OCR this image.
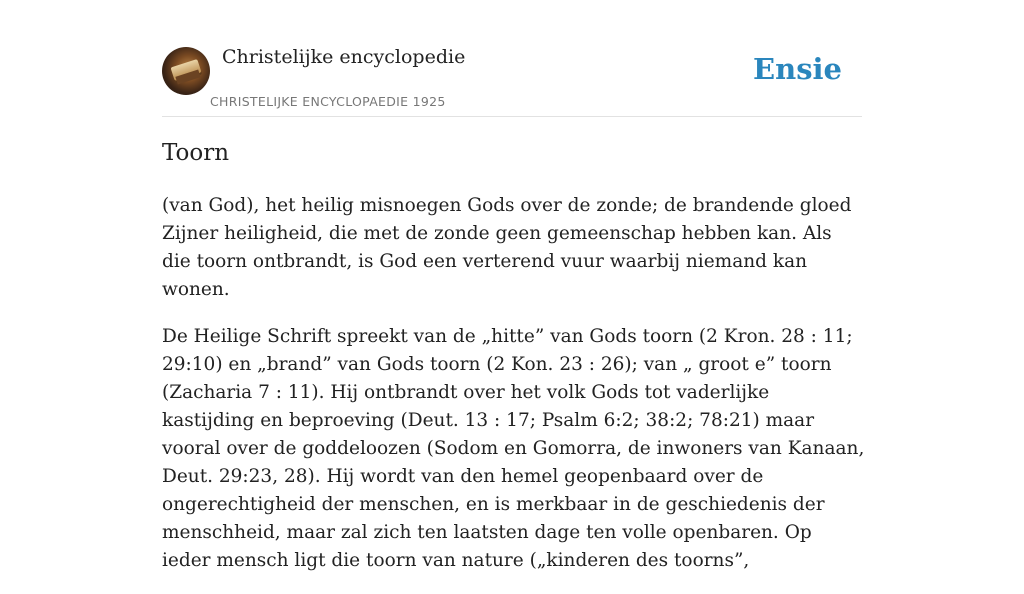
Christelijke encyclopedie
CHRISTELIJKE ENCYCLOPAEDIE 1925
Ensie
Toorn

(van God), het heilig misnoegen Gods over de zonde; de brandende gloed Zijner heiligheid, die met de zonde geen gemeenschap hebben kan. Als die toorn ontbrandt, is God een verterend vuur waarbij niemand kan wonen.

De Heilige Schrift spreekt van de „hitte” van Gods toorn (2 Kron. 28 : 11; 29:10) en „brand” van Gods toorn (2 Kon. 23 : 26); van „ groot e” toorn (Zacharia 7 : 11). Hij ontbrandt over het volk Gods tot vaderlijke kastijding en beproeving (Deut. 13 : 17; Psalm 6:2; 38:2; 78:21) maar vooral over de goddeloozen (Sodom en Gomorra, de inwoners van Kanaan, Deut. 29:23, 28). Hij wordt van den hemel geopenbaard over de ongerechtigheid der menschen, en is merkbaar in de geschiedenis der menschheid, maar zal zich ten laatsten dage ten volle openbaren. Op ieder mensch ligt die toorn van nature („kinderen des toorns”,
